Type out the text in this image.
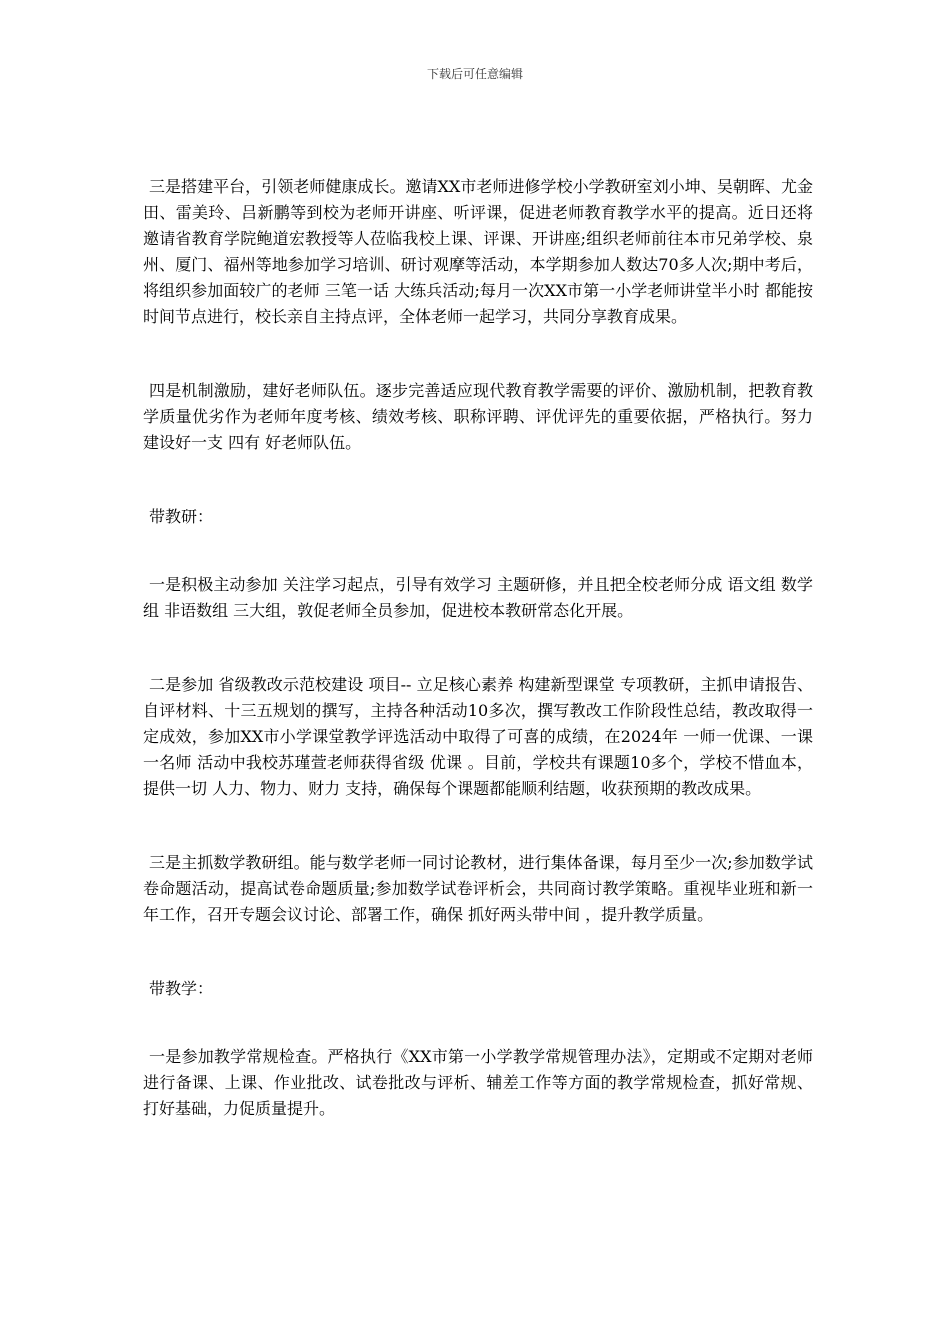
下载后可任意编辑

三是搭建平台，引领老师健康成长。邀请XX市老师进修学校小学教研室刘小坤、吴朝晖、尤金田、雷美玲、吕新鹏等到校为老师开讲座、听评课，促进老师教育教学水平的提高。近日还将邀请省教育学院鲍道宏教授等人莅临我校上课、评课、开讲座;组织老师前往本市兄弟学校、泉州、厦门、福州等地参加学习培训、研讨观摩等活动，本学期参加人数达70多人次;期中考后，将组织参加面较广的老师 三笔一话 大练兵活动;每月一次XX市第一小学老师讲堂半小时 都能按时间节点进行，校长亲自主持点评，全体老师一起学习，共同分享教育成果。

四是机制激励，建好老师队伍。逐步完善适应现代教育教学需要的评价、激励机制，把教育教学质量优劣作为老师年度考核、绩效考核、职称评聘、评优评先的重要依据，严格执行。努力建设好一支 四有 好老师队伍。

带教研：

一是积极主动参加 关注学习起点，引导有效学习 主题研修，并且把全校老师分成 语文组 数学组 非语数组 三大组，敦促老师全员参加，促进校本教研常态化开展。

二是参加 省级教改示范校建设 项目-- 立足核心素养 构建新型课堂 专项教研，主抓申请报告、自评材料、十三五规划的撰写，主持各种活动10多次，撰写教改工作阶段性总结，教改取得一定成效，参加XX市小学课堂教学评选活动中取得了可喜的成绩，在2024年 一师一优课、一课一名师 活动中我校苏瑾萱老师获得省级 优课 。目前，学校共有课题10多个，学校不惜血本，提供一切 人力、物力、财力 支持，确保每个课题都能顺利结题，收获预期的教改成果。

三是主抓数学教研组。能与数学老师一同讨论教材，进行集体备课，每月至少一次;参加数学试卷命题活动，提高试卷命题质量;参加数学试卷评析会，共同商讨教学策略。重视毕业班和新一年工作，召开专题会议讨论、部署工作，确保 抓好两头带中间 ，提升教学质量。

带教学：

一是参加教学常规检查。严格执行《XX市第一小学教学常规管理办法》，定期或不定期对老师进行备课、上课、作业批改、试卷批改与评析、辅差工作等方面的教学常规检查，抓好常规、打好基础，力促质量提升。
